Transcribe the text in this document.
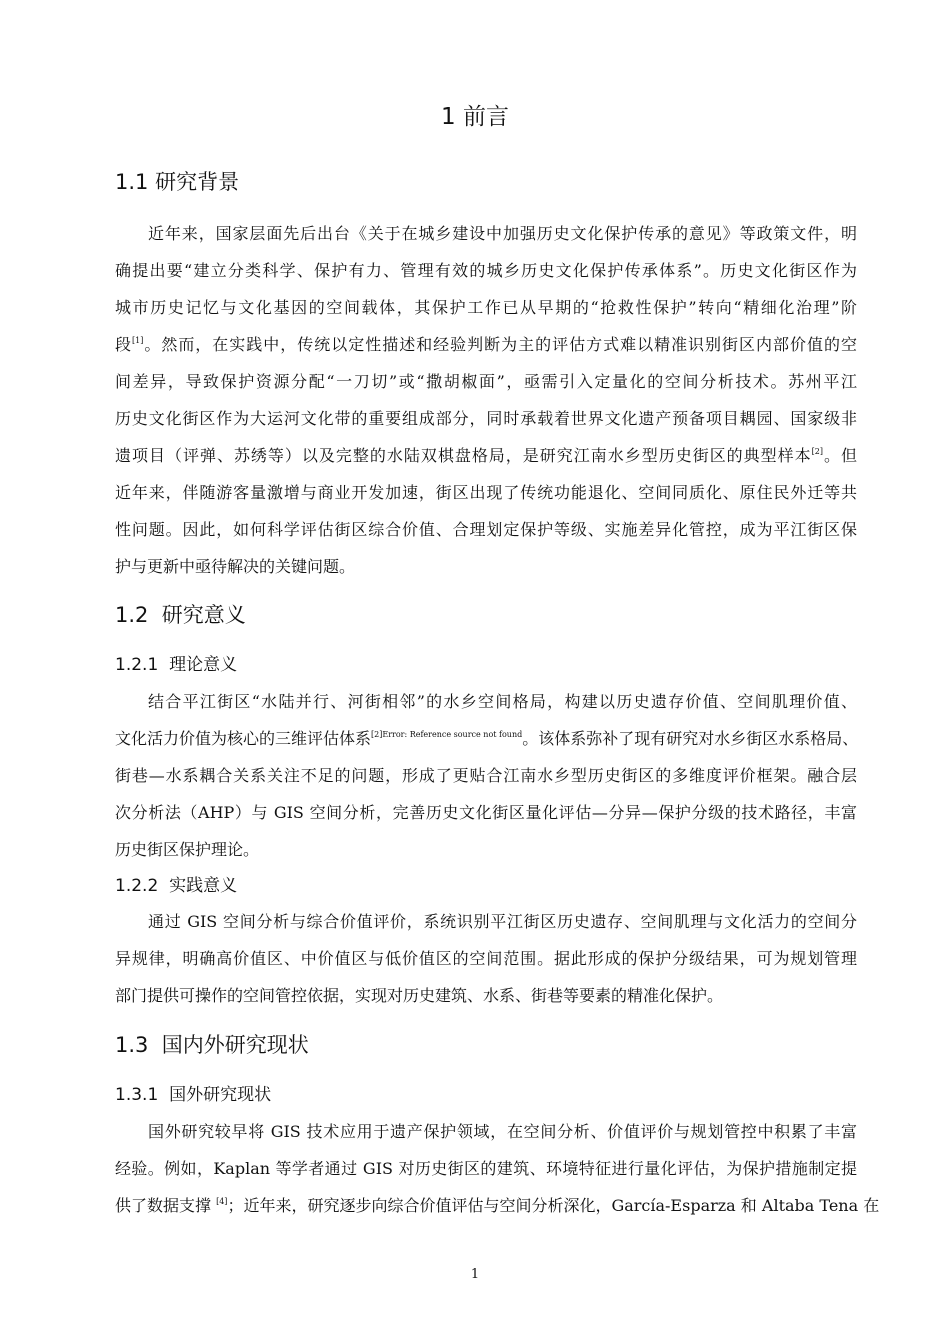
1 前言
1.1 研究背景
近年来，国家层面先后出台《关于在城乡建设中加强历史文化保护传承的意见》等政策文件，明
确提出要“建立分类科学、保护有力、管理有效的城乡历史文化保护传承体系”。历史文化街区作为
城市历史记忆与文化基因的空间载体，其保护工作已从早期的“抢救性保护”转向“精细化治理”阶
段[1]。然而，在实践中，传统以定性描述和经验判断为主的评估方式难以精准识别街区内部价值的空
间差异，导致保护资源分配“一刀切”或“撒胡椒面”，亟需引入定量化的空间分析技术。苏州平江
历史文化街区作为大运河文化带的重要组成部分，同时承载着世界文化遗产预备项目耦园、国家级非
遗项目（评弹、苏绣等）以及完整的水陆双棋盘格局，是研究江南水乡型历史街区的典型样本[2]。但
近年来，伴随游客量激增与商业开发加速，街区出现了传统功能退化、空间同质化、原住民外迁等共
性问题。因此，如何科学评估街区综合价值、合理划定保护等级、实施差异化管控，成为平江街区保
护与更新中亟待解决的关键问题。
1.2  研究意义
1.2.1  理论意义
结合平江街区“水陆并行、河街相邻”的水乡空间格局，构建以历史遗存价值、空间肌理价值、
文化活力价值为核心的三维评估体系$^{[2]Error: Reference source not found}$。该体系弥补了现有研究对水乡街区水系格局、
街巷—水系耦合关系关注不足的问题，形成了更贴合江南水乡型历史街区的多维度评价框架。融合层
次分析法（AHP）与 GIS 空间分析，完善历史文化街区量化评估—分异—保护分级的技术路径，丰富
历史街区保护理论。
1.2.2  实践意义
通过 GIS 空间分析与综合价值评价，系统识别平江街区历史遗存、空间肌理与文化活力的空间分
异规律，明确高价值区、中价值区与低价值区的空间范围。据此形成的保护分级结果，可为规划管理
部门提供可操作的空间管控依据，实现对历史建筑、水系、街巷等要素的精准化保护。
1.3  国内外研究现状
1.3.1  国外研究现状
国外研究较早将 GIS 技术应用于遗产保护领域，在空间分析、价值评价与规划管控中积累了丰富
经验。例如，Kaplan 等学者通过 GIS 对历史街区的建筑、环境特征进行量化评估，为保护措施制定提
供了数据支撑 [4]；近年来，研究逐步向综合价值评估与空间分析深化，García-Esparza 和 Altaba Tena 在
1
